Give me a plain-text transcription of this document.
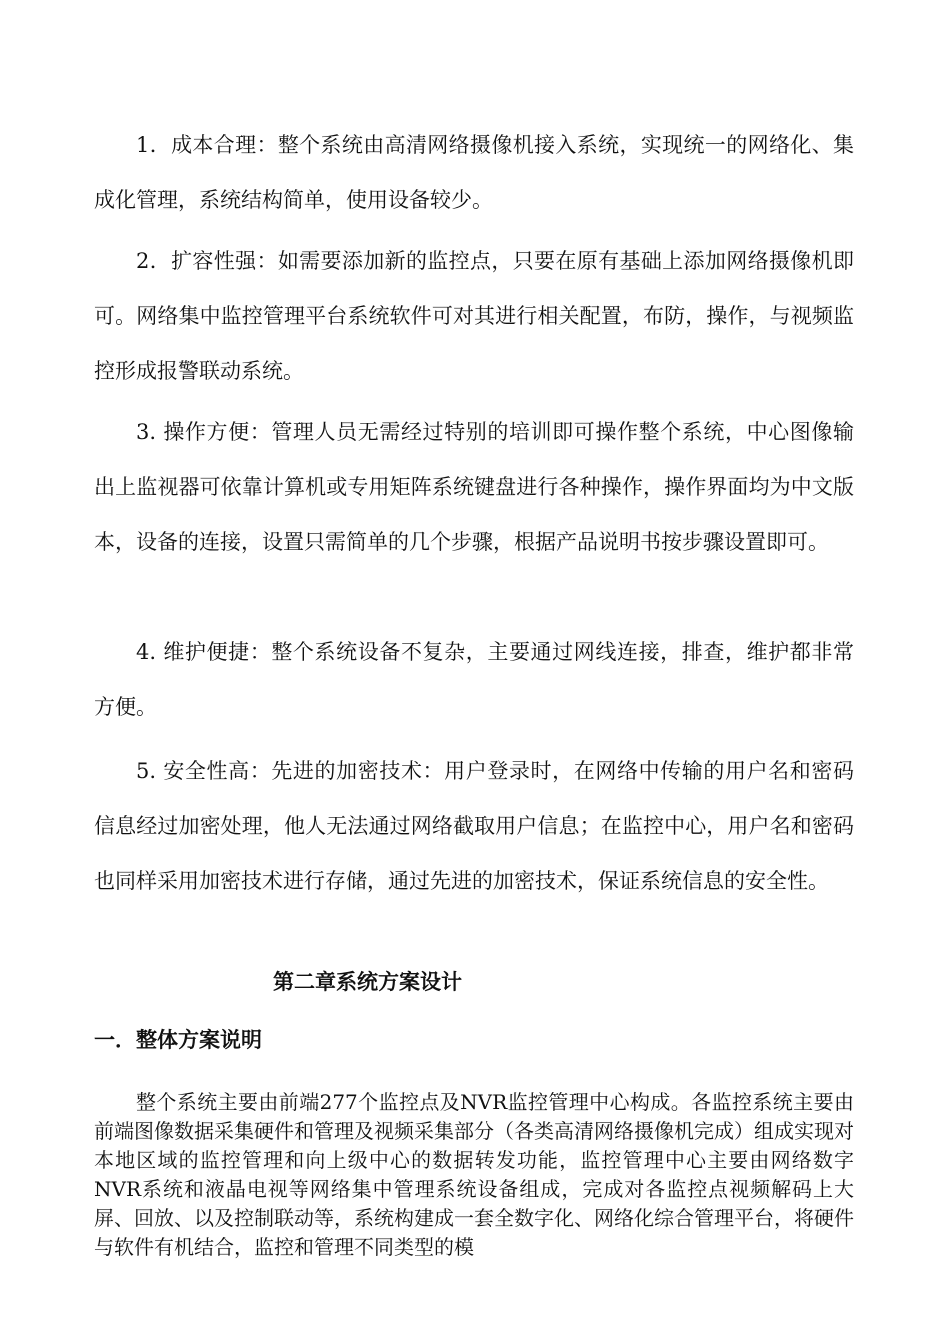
1．成本合理：整个系统由高清网络摄像机接入系统，实现统一的网络化、集成化管理，系统结构简单，使用设备较少。

2．扩容性强：如需要添加新的监控点，只要在原有基础上添加网络摄像机即可。网络集中监控管理平台系统软件可对其进行相关配置，布防，操作，与视频监控形成报警联动系统。

3. 操作方便：管理人员无需经过特别的培训即可操作整个系统，中心图像输出上监视器可依靠计算机或专用矩阵系统键盘进行各种操作，操作界面均为中文版本，设备的连接，设置只需简单的几个步骤，根据产品说明书按步骤设置即可。

4. 维护便捷：整个系统设备不复杂，主要通过网线连接，排查，维护都非常方便。

5. 安全性高：先进的加密技术：用户登录时，在网络中传输的用户名和密码信息经过加密处理，他人无法通过网络截取用户信息；在监控中心，用户名和密码也同样采用加密技术进行存储，通过先进的加密技术，保证系统信息的安全性。

第二章系统方案设计
一．整体方案说明

整个系统主要由前端277个监控点及NVR监控管理中心构成。各监控系统主要由前端图像数据采集硬件和管理及视频采集部分（各类高清网络摄像机完成）组成实现对本地区域的监控管理和向上级中心的数据转发功能，监控管理中心主要由网络数字NVR系统和液晶电视等网络集中管理系统设备组成，完成对各监控点视频解码上大屏、回放、以及控制联动等，系统构建成一套全数字化、网络化综合管理平台，将硬件与软件有机结合，监控和管理不同类型的模
